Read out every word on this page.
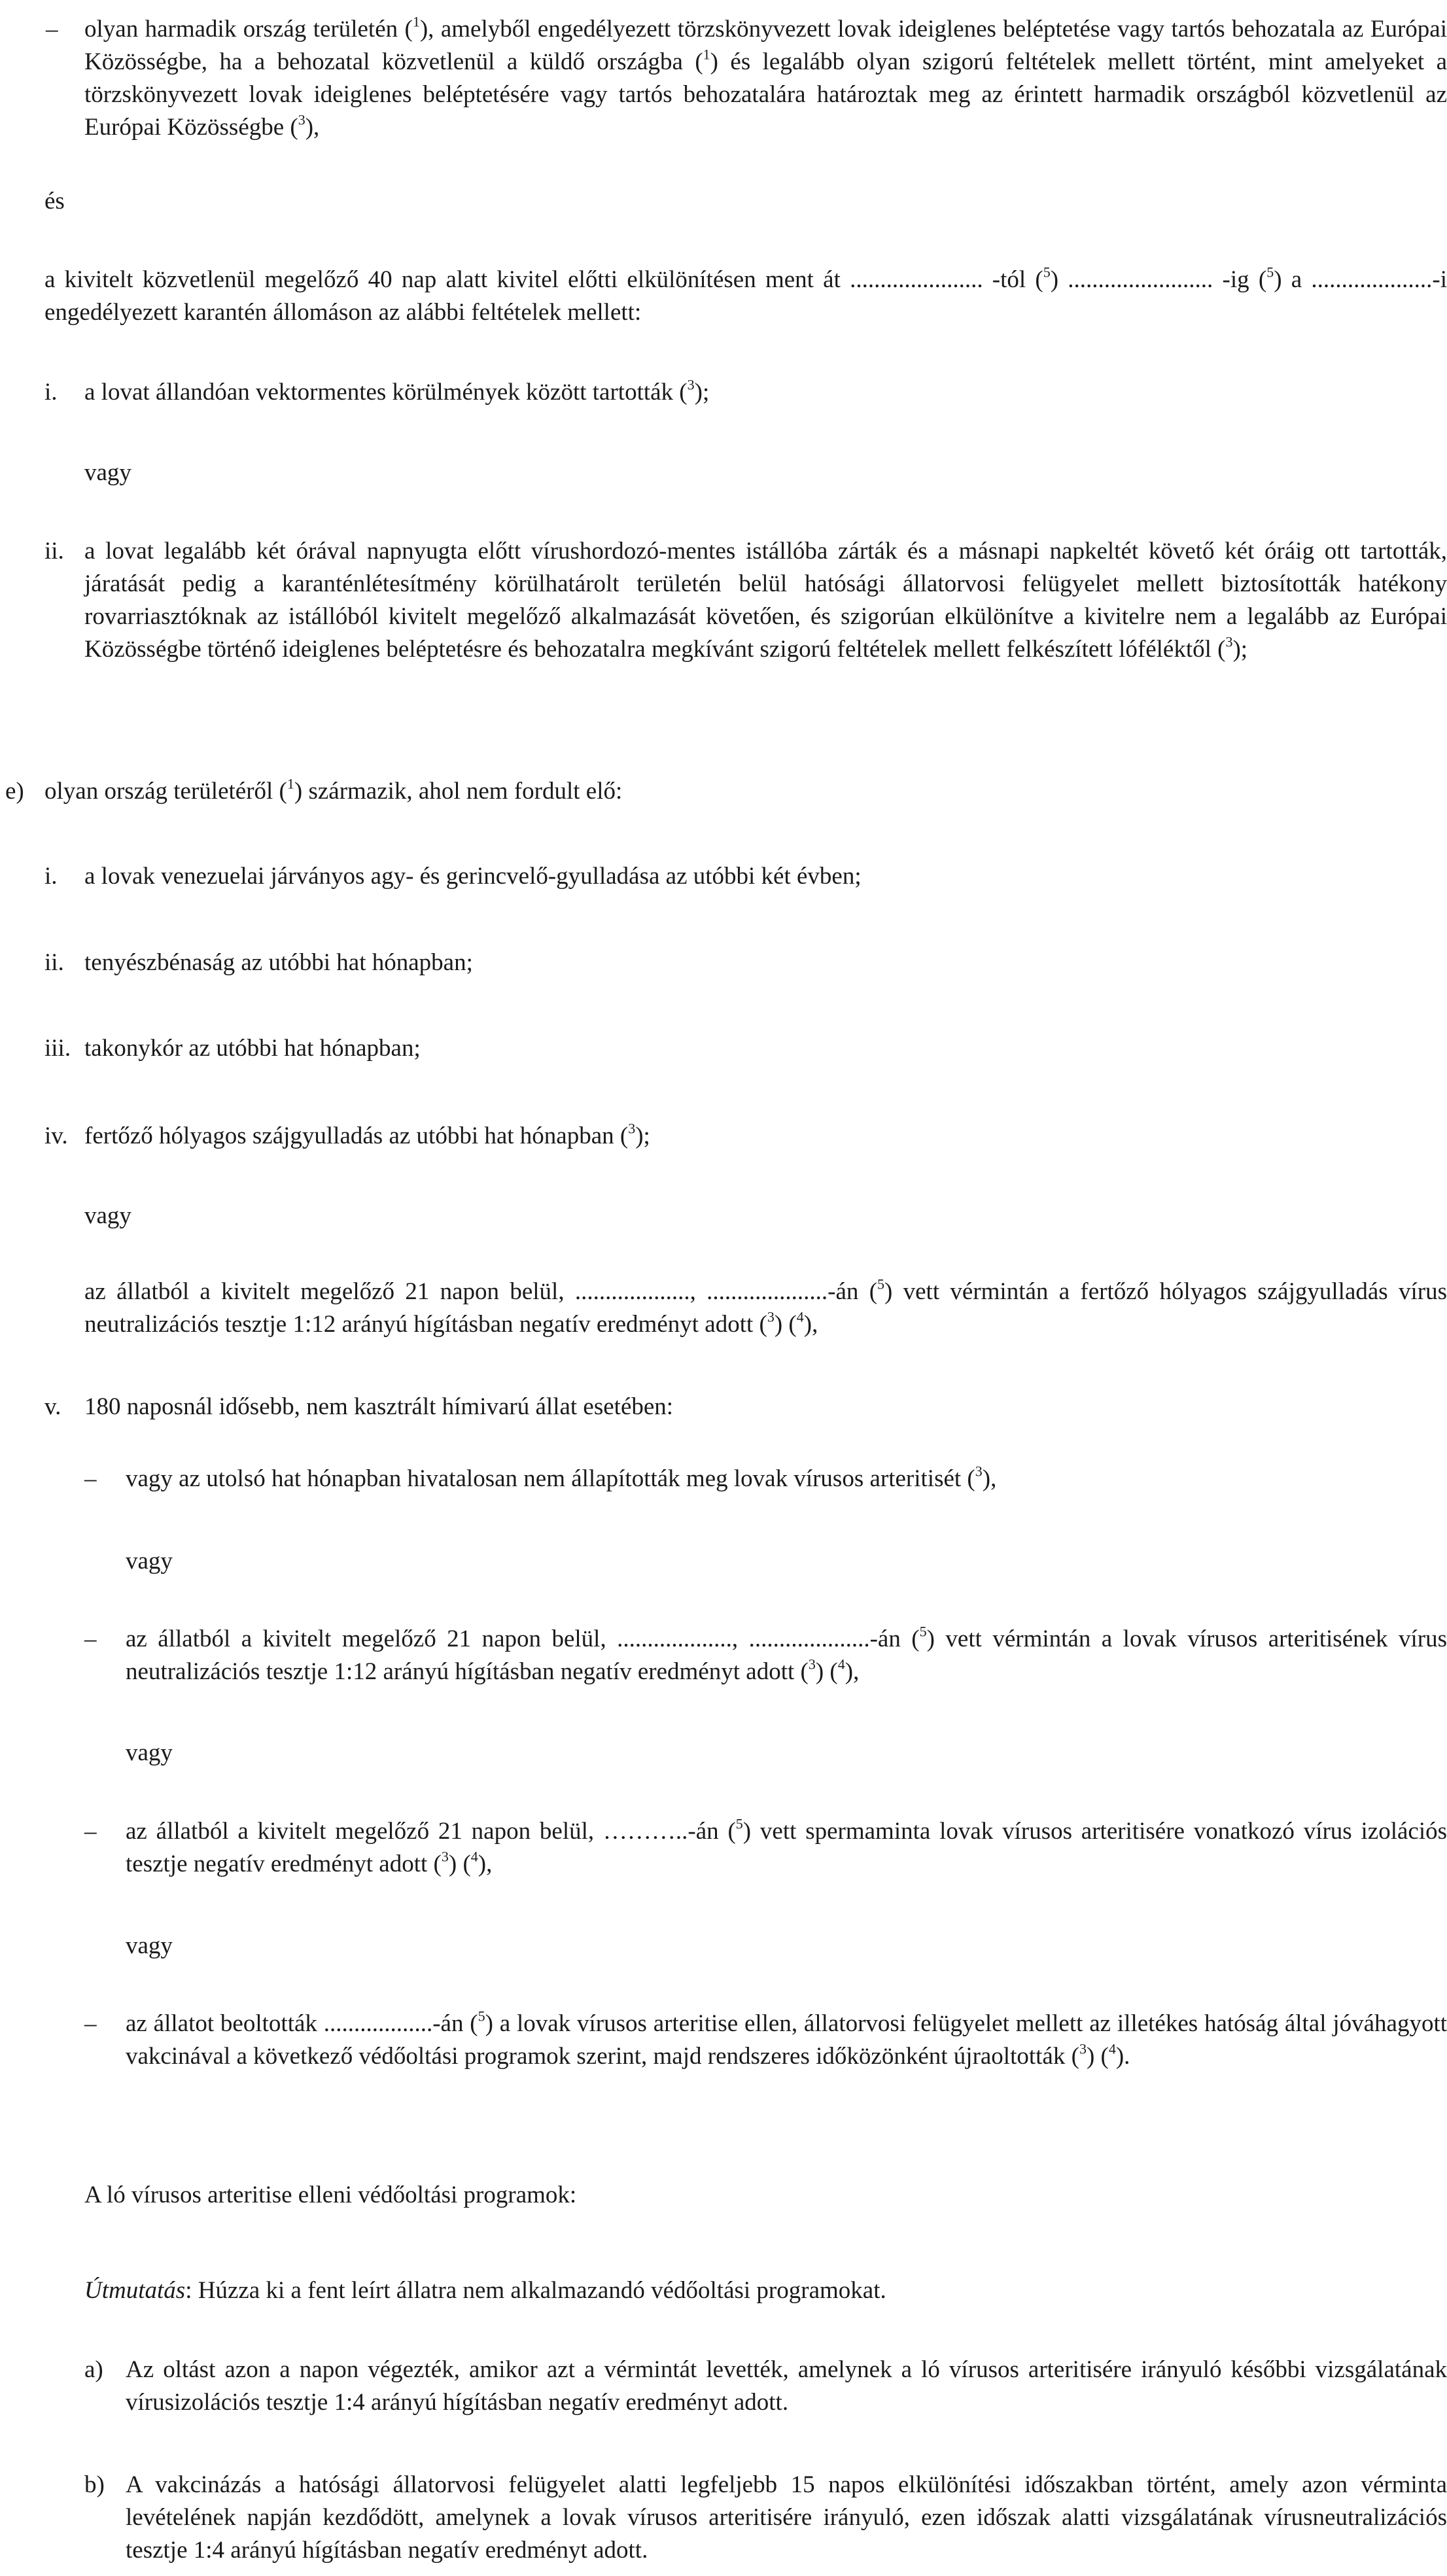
– olyan harmadik ország területén ($^1$), amelyből engedélyezett törzskönyvezett lovak ideiglenes beléptetése vagy tartós behozatala az Európai Közösségbe, ha a behozatal közvetlenül a küldő országba ($^1$) és legalább olyan szigorú feltételek mellett történt, mint amelyeket a törzskönyvezett lovak ideiglenes beléptetésére vagy tartós behozatalára határoztak meg az érintett harmadik országból közvetlenül az Európai Közösségbe ($^3$),
és
a kivitelt közvetlenül megelőző 40 nap alatt kivitel előtti elkülönítésen ment át ...................... -tól ($^5$) ........................ -ig ($^5$) a ....................-i engedélyezett karantén állomáson az alábbi feltételek mellett:
i. a lovat állandóan vektormentes körülmények között tartották ($^3$);
vagy
ii. a lovat legalább két órával napnyugta előtt vírushordozó-mentes istállóba zárták és a másnapi napkeltét követő két óráig ott tartották, járatását pedig a karanténlétesítmény körülhatárolt területén belül hatósági állatorvosi felügyelet mellett biztosították hatékony rovarriasztóknak az istállóból kivitelt megelőző alkalmazását követően, és szigorúan elkülönítve a kivitelre nem a legalább az Európai Közösségbe történő ideiglenes beléptetésre és behozatalra megkívánt szigorú feltételek mellett felkészített lóféléktől ($^3$);
e) olyan ország területéről ($^1$) származik, ahol nem fordult elő:
i. a lovak venezuelai járványos agy- és gerincvelő-gyulladása az utóbbi két évben;
ii. tenyészbénaság az utóbbi hat hónapban;
iii. takonykór az utóbbi hat hónapban;
iv. fertőző hólyagos szájgyulladás az utóbbi hat hónapban ($^3$);
vagy
az állatból a kivitelt megelőző 21 napon belül, ..................., ....................-án ($^5$) vett vérmintán a fertőző hólyagos szájgyulladás vírus neutralizációs tesztje 1:12 arányú hígításban negatív eredményt adott ($^3$) ($^4$),
v. 180 naposnál idősebb, nem kasztrált hímivarú állat esetében:
– vagy az utolsó hat hónapban hivatalosan nem állapították meg lovak vírusos arteritisét ($^3$),
vagy
– az állatból a kivitelt megelőző 21 napon belül, ..................., ....................-án ($^5$) vett vérmintán a lovak vírusos arteritisének vírus neutralizációs tesztje 1:12 arányú hígításban negatív eredményt adott ($^3$) ($^4$),
vagy
– az állatból a kivitelt megelőző 21 napon belül, ………..-án ($^5$) vett spermaminta lovak vírusos arteritisére vonatkozó vírus izolációs tesztje negatív eredményt adott ($^3$) ($^4$),
vagy
– az állatot beoltották ..................-án ($^5$) a lovak vírusos arteritise ellen, állatorvosi felügyelet mellett az illetékes hatóság által jóváhagyott vakcinával a következő védőoltási programok szerint, majd rendszeres időközönként újraoltották ($^3$) ($^4$).
A ló vírusos arteritise elleni védőoltási programok:
Útmutatás: Húzza ki a fent leírt állatra nem alkalmazandó védőoltási programokat.
a) Az oltást azon a napon végezték, amikor azt a vérmintát levették, amelynek a ló vírusos arteritisére irányuló későbbi vizsgálatának vírusizolációs tesztje 1:4 arányú hígításban negatív eredményt adott.
b) A vakcinázás a hatósági állatorvosi felügyelet alatti legfeljebb 15 napos elkülönítési időszakban történt, amely azon vérminta levételének napján kezdődött, amelynek a lovak vírusos arteritisére irányuló, ezen időszak alatti vizsgálatának vírusneutralizációs tesztje 1:4 arányú hígításban negatív eredményt adott.
